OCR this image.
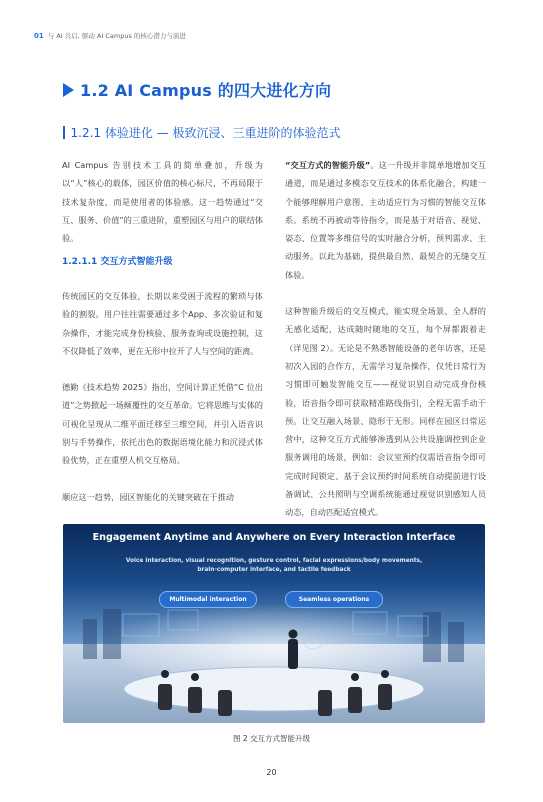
01 与 AI 共启, 驱动 AI Campus 的核心潜力与演进
1.2 AI Campus 的四大进化方向
1.2.1 体验进化 — 极致沉浸、三重进阶的体验范式

AI Campus 告别技术工具的简单叠加，升级为以“人”核心的载体，园区价值的核心标尺，不再局限于技术复杂度，而是使用者的体验感。这一趋势通过“交互、服务、价值”的三重进阶，重塑园区与用户的联结体验。

1.2.1.1 交互方式智能升级

传统园区的交互体验，长期以来受困于流程的繁琐与体验的割裂。用户往往需要通过多个App、多次验证和复杂操作，才能完成身份核验、服务查询或设施控制，这不仅降低了效率，更在无形中拉开了人与空间的距离。

德勤《技术趋势 2025》指出，空间计算正凭借“C 位出道”之势掀起一场颠覆性的交互革命。它将思维与实体的可视化呈现从二维平面迁移至三维空间，并引入语音识别与手势操作，依托出色的数据语境化能力和沉浸式体验优势，正在重塑人机交互格局。

顺应这一趋势，园区智能化的关键突破在于推动

“交互方式的智能升级”。这一升级并非简单地增加交互通道，而是通过多模态交互技术的体系化融合，构建一个能够理解用户意图、主动适应行为习惯的智能交互体系。系统不再被动等待指令，而是基于对语音、视觉、姿态、位置等多维信号的实时融合分析，预判需求、主动服务。以此为基础，提供最自然、最契合的无缝交互体验。

这种智能升级后的交互模式，能实现全场景、全人群的无感化适配，达成随时随地的交互，每个屏都跟着走（详见图 2）。无论是不熟悉智能设备的老年访客，还是初次入园的合作方，无需学习复杂操作，仅凭日常行为习惯即可触发智能交互——视觉识别自动完成身份核验，语音指令即可获取精准路线指引，全程无需手动干预。让交互融入场景、隐形于无形。同样在园区日常运营中，这种交互方式能够渗透到从公共设施调控到企业服务调用的场景，例如：会议室预约仅需语音指令即可完成时间锁定、基于会议预约时间系统自动提前进行设备调试、公共照明与空调系统能通过视觉识别感知人员动态，自动匹配适宜模式。

Engagement Anytime and Anywhere on Every Interaction Interface
Voice interaction, visual recognition, gesture control, facial expressions/body movements,
brain-computer interface, and tactile feedback
Multimodal interaction	Seamless operations
图 2 交互方式智能升级
20
